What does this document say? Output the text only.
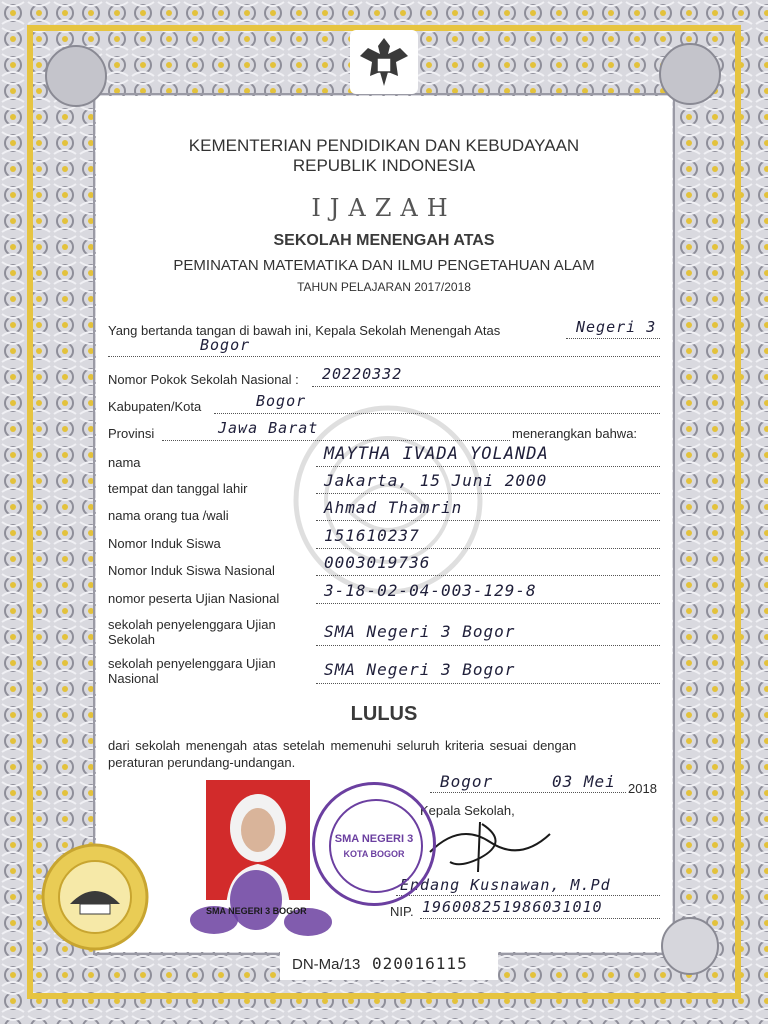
KEMENTERIAN PENDIDIKAN DAN KEBUDAYAAN
REPUBLIK INDONESIA
IJAZAH
SEKOLAH MENENGAH ATAS
PEMINATAN MATEMATIKA DAN ILMU PENGETAHUAN ALAM
TAHUN PELAJARAN 2017/2018
Yang bertanda tangan di bawah ini, Kepala Sekolah Menengah Atas	Negeri 3
Bogor
Nomor Pokok Sekolah Nasional : 20220332
Kabupaten/Kota	Bogor
Provinsi	Jawa Barat	menerangkan bahwa:
nama	MAYTHA IVADA YOLANDA
tempat dan tanggal lahir	Jakarta, 15 Juni 2000
nama orang tua /wali	Ahmad Thamrin
Nomor Induk Siswa	151610237
Nomor Induk Siswa Nasional	0003019736
nomor peserta Ujian Nasional	3-18-02-04-003-129-8
sekolah penyelenggara Ujian
Sekolah	SMA Negeri 3 Bogor
sekolah penyelenggara Ujian
Nasional	SMA Negeri 3 Bogor
LULUS
dari sekolah menengah atas setelah memenuhi seluruh kriteria sesuai dengan
peraturan perundang-undangan.
Bogor	03 Mei 2018
Kepala Sekolah,
Endang Kusnawan, M.Pd
NIP. 196008251986031010
SMA NEGERI 3 BOGOR
SMA NEGERI 3
KOTA BOGOR
DN-Ma/13 020016115
